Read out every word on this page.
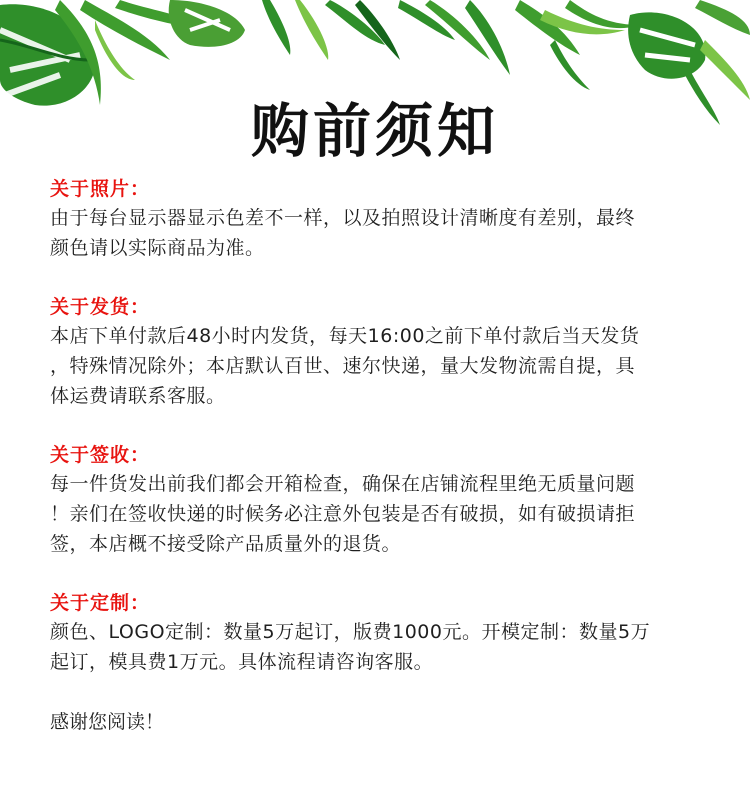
购前须知
关于照片：
由于每台显示器显示色差不一样，以及拍照设计清晰度有差别，最终
颜色请以实际商品为准。
关于发货：
本店下单付款后48小时内发货，每天16:00之前下单付款后当天发货
，特殊情况除外；本店默认百世、速尔快递，量大发物流需自提，具
体运费请联系客服。
关于签收：
每一件货发出前我们都会开箱检查，确保在店铺流程里绝无质量问题
！亲们在签收快递的时候务必注意外包装是否有破损，如有破损请拒
签，本店概不接受除产品质量外的退货。
关于定制：
颜色、LOGO定制：数量5万起订，版费1000元。开模定制：数量5万
起订，模具费1万元。具体流程请咨询客服。
感谢您阅读！
